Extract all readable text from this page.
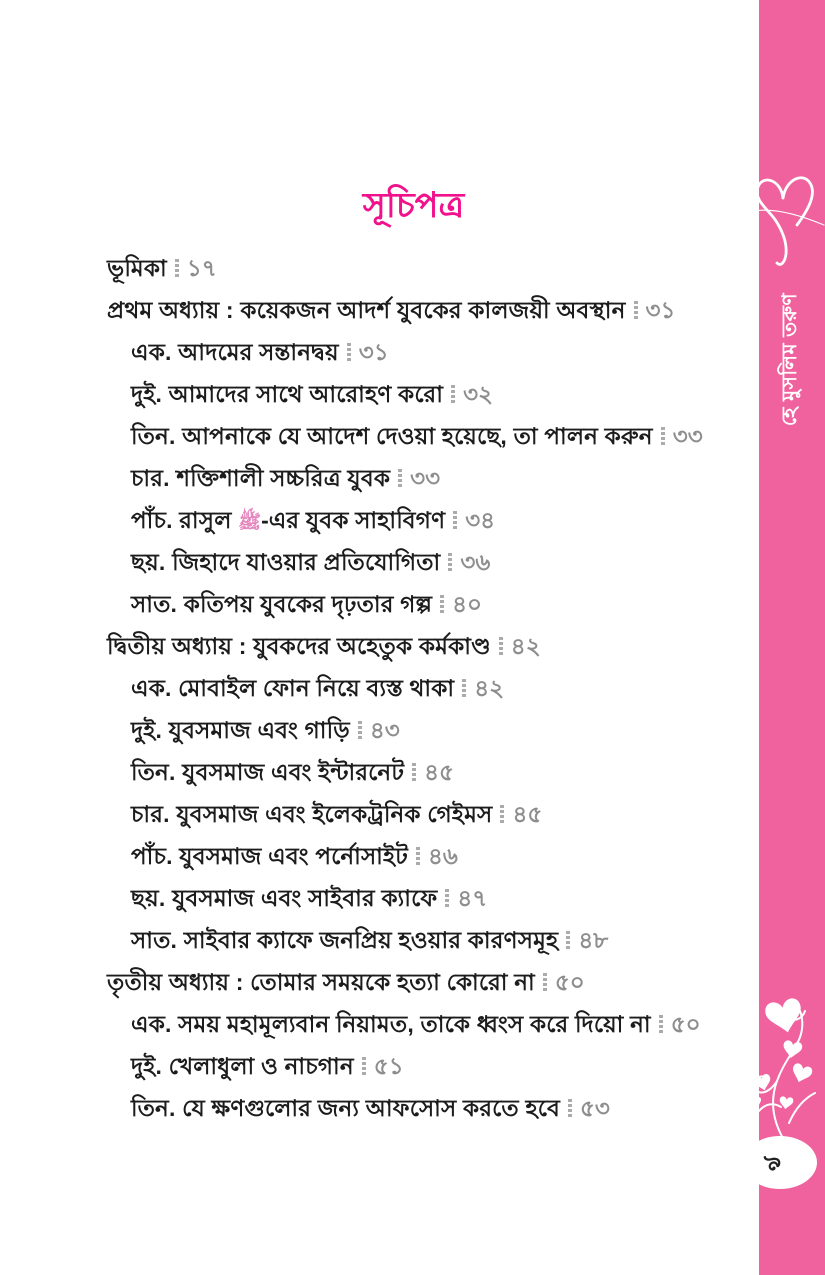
সূচিপত্র
ভূমিকা ১৭
প্রথম অধ্যায় : কয়েকজন আদর্শ যুবকের কালজয়ী অবস্থান ৩১
এক. আদমের সন্তানদ্বয় ৩১
দুই. আমাদের সাথে আরোহণ করো ৩২
তিন. আপনাকে যে আদেশ দেওয়া হয়েছে, তা পালন করুন ৩৩
চার. শক্তিশালী সচ্চরিত্র যুবক ৩৩
পাঁচ. রাসুল ﷺ-এর যুবক সাহাবিগণ ৩৪
ছয়. জিহাদে যাওয়ার প্রতিযোগিতা ৩৬
সাত. কতিপয় যুবকের দৃঢ়তার গল্প ৪০
দ্বিতীয় অধ্যায় : যুবকদের অহেতুক কর্মকাণ্ড ৪২
এক. মোবাইল ফোন নিয়ে ব্যস্ত থাকা ৪২
দুই. যুবসমাজ এবং গাড়ি ৪৩
তিন. যুবসমাজ এবং ইন্টারনেট ৪৫
চার. যুবসমাজ এবং ইলেকট্রনিক গেইমস ৪৫
পাঁচ. যুবসমাজ এবং পর্নোসাইট ৪৬
ছয়. যুবসমাজ এবং সাইবার ক্যাফে ৪৭
সাত. সাইবার ক্যাফে জনপ্রিয় হওয়ার কারণসমূহ ৪৮
তৃতীয় অধ্যায় : তোমার সময়কে হত্যা কোরো না ৫০
এক. সময় মহামূল্যবান নিয়ামত, তাকে ধ্বংস করে দিয়ো না ৫০
দুই. খেলাধুলা ও নাচগান ৫১
তিন. যে ক্ষণগুলোর জন্য আফসোস করতে হবে ৫৩
হে মুসলিম তরুণ
৯
